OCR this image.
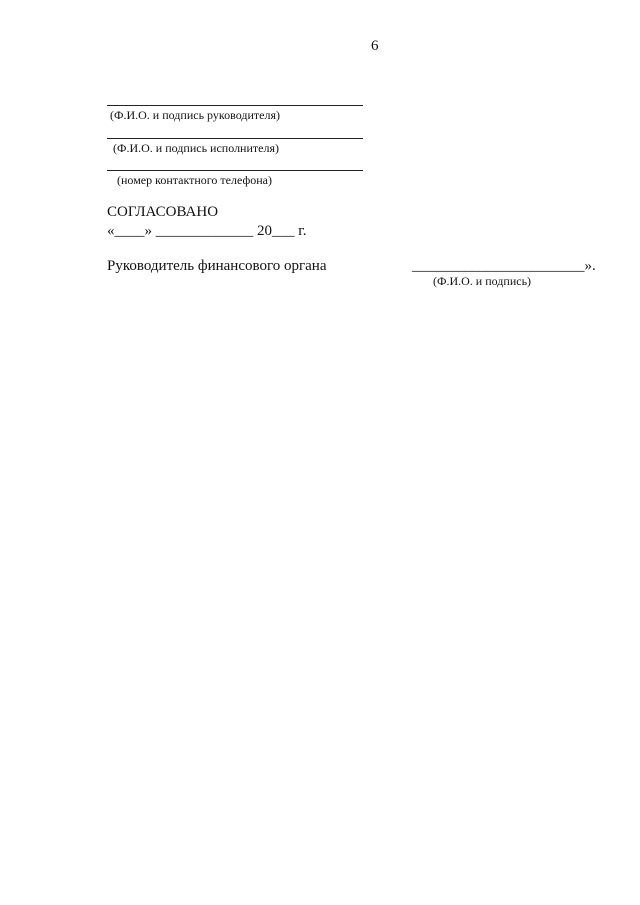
6
(Ф.И.О. и подпись руководителя)
(Ф.И.О. и подпись исполнителя)
(номер контактного телефона)
СОГЛАСОВАНО
«____» _____________ 20___ г.
Руководитель финансового органа	_______________________».
(Ф.И.О. и подпись)
